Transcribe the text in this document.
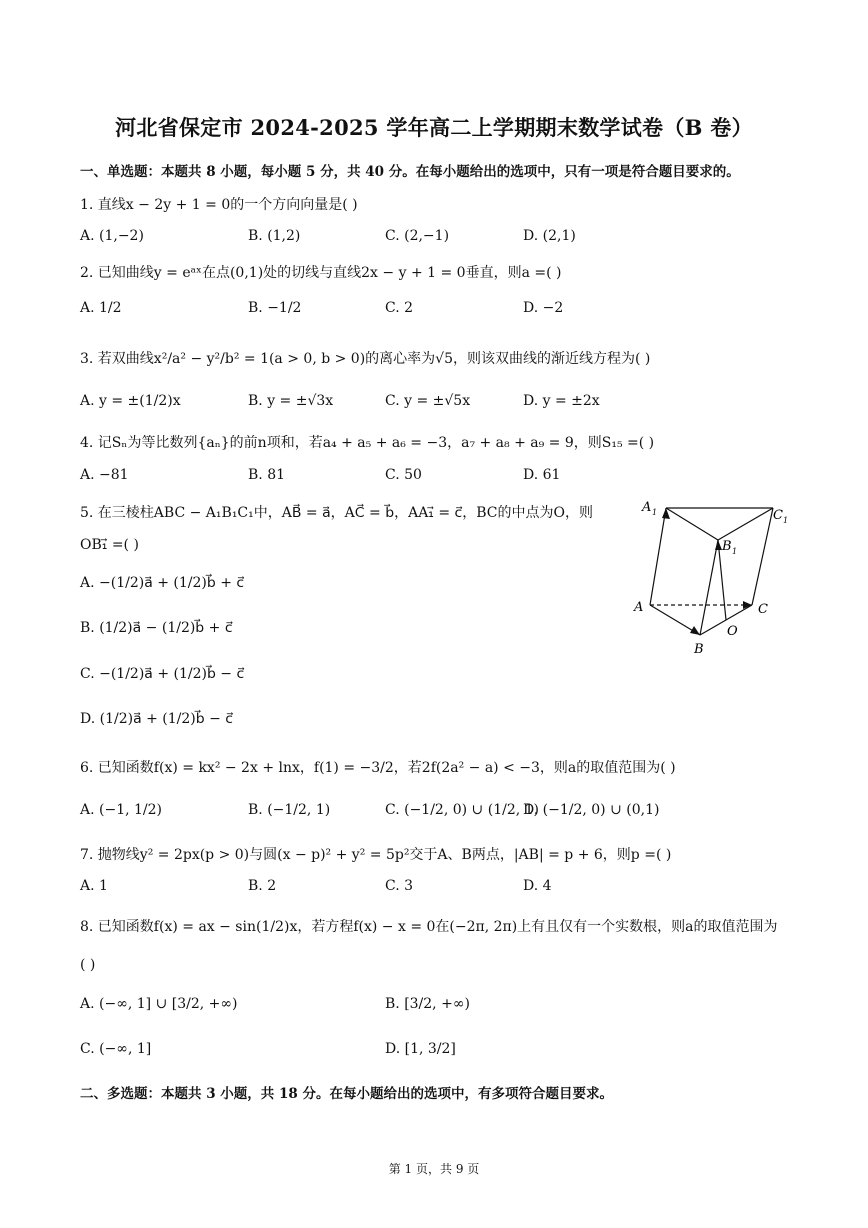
河北省保定市 2024-2025 学年高二上学期期末数学试卷（B 卷）
一、单选题：本题共 8 小题，每小题 5 分，共 40 分。在每小题给出的选项中，只有一项是符合题目要求的。
1. 直线x − 2y + 1 = 0的一个方向向量是( )
A. (1,−2)	B. (1,2)	C. (2,−1)	D. (2,1)
2. 已知曲线y = eᵃˣ在点(0,1)处的切线与直线2x − y + 1 = 0垂直，则a =( )
A. 1/2	B. −1/2	C. 2	D. −2
3. 若双曲线x²/a² − y²/b² = 1(a > 0, b > 0)的离心率为√5，则该双曲线的渐近线方程为( )
A. y = ±(1/2)x	B. y = ±√3x	C. y = ±√5x	D. y = ±2x
4. 记Sₙ为等比数列{aₙ}的前n项和，若a₄ + a₅ + a₆ = −3，a₇ + a₈ + a₉ = 9，则S₁₅ =( )
A. −81	B. 81	C. 50	D. 61
5. 在三棱柱ABC − A₁B₁C₁中，AB⃗ = a⃗，AC⃗ = b⃗，AA₁⃗ = c⃗，BC的中点为O，则
OB₁⃗ =( )
A. −(1/2)a⃗ + (1/2)b⃗ + c⃗
B. (1/2)a⃗ − (1/2)b⃗ + c⃗
C. −(1/2)a⃗ + (1/2)b⃗ − c⃗
D. (1/2)a⃗ + (1/2)b⃗ − c⃗
A 1	C 1
B 1
A	C
O
B
6. 已知函数f(x) = kx² − 2x + lnx，f(1) = −3/2，若2f(2a² − a) < −3，则a的取值范围为( )
A. (−1, 1/2)	B. (−1/2, 1)	C. (−1/2, 0) ∪ (1/2, 1)
D. (−1/2, 0) ∪ (0,1)
7. 抛物线y² = 2px(p > 0)与圆(x − p)² + y² = 5p²交于A、B两点，|AB| = p + 6，则p =( )
A. 1	B. 2	C. 3	D. 4
8. 已知函数f(x) = ax − sin(1/2)x，若方程f(x) − x = 0在(−2π, 2π)上有且仅有一个实数根，则a的取值范围为
( )
A. (−∞, 1] ∪ [3/2, +∞)	B. [3/2, +∞)
C. (−∞, 1]	D. [1, 3/2]
二、多选题：本题共 3 小题，共 18 分。在每小题给出的选项中，有多项符合题目要求。
第 1 页，共 9 页
